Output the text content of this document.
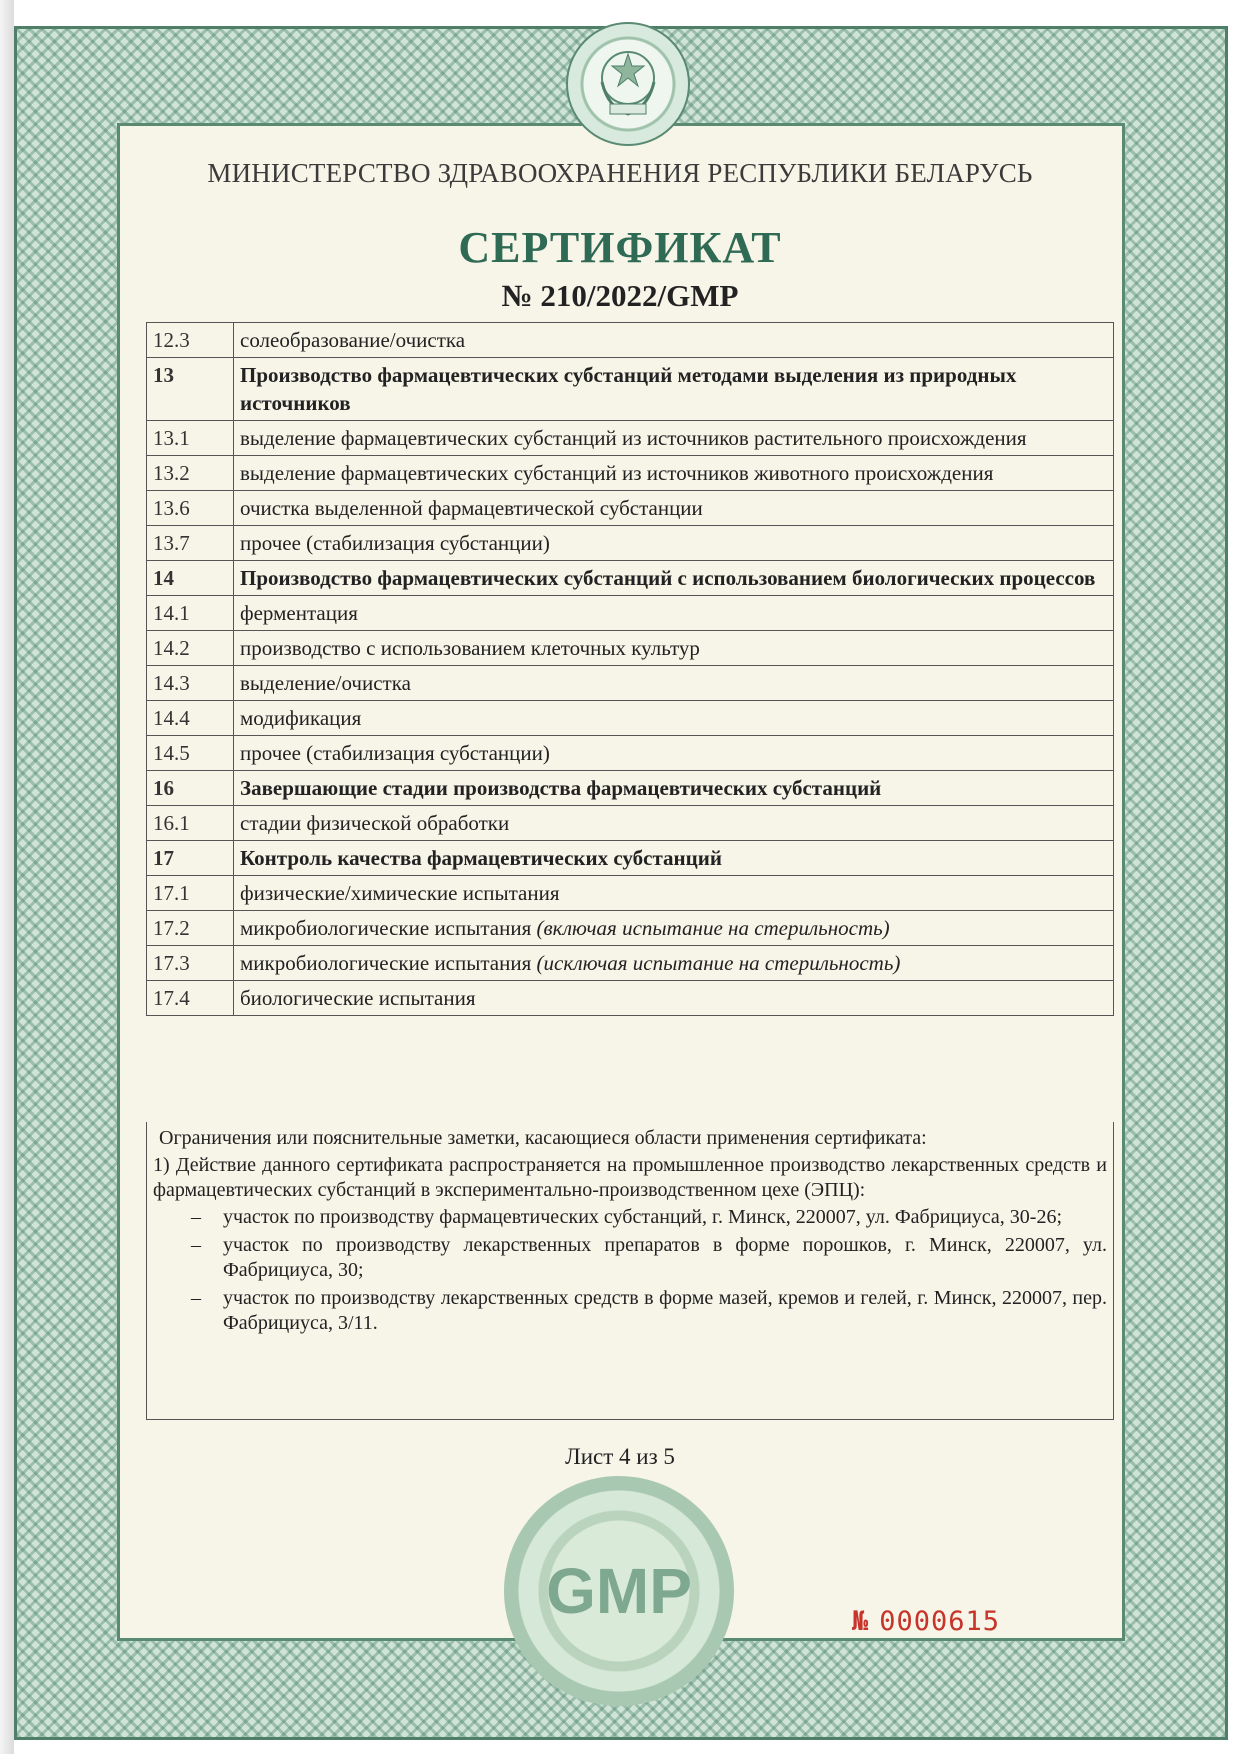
МИНИСТЕРСТВО ЗДРАВООХРАНЕНИЯ РЕСПУБЛИКИ БЕЛАРУСЬ
СЕРТИФИКАТ
№ 210/2022/GMP
12.3	солеобразование/очистка
13	Производство фармацевтических субстанций методами выделения из природных источников
13.1	выделение фармацевтических субстанций из источников растительного происхождения
13.2	выделение фармацевтических субстанций из источников животного происхождения
13.6	очистка выделенной фармацевтической субстанции
13.7	прочее (стабилизация субстанции)
14	Производство фармацевтических субстанций с использованием биологических процессов
14.1	ферментация
14.2	производство с использованием клеточных культур
14.3	выделение/очистка
14.4	модификация
14.5	прочее (стабилизация субстанции)
16	Завершающие стадии производства фармацевтических субстанций
16.1	стадии физической обработки
17	Контроль качества фармацевтических субстанций
17.1	физические/химические испытания
17.2	микробиологические испытания (включая испытание на стерильность)
17.3	микробиологические испытания (исключая испытание на стерильность)
17.4	биологические испытания
Ограничения или пояснительные заметки, касающиеся области применения сертификата:

1) Действие данного сертификата распространяется на промышленное производство лекарственных средств и фармацевтических субстанций в экспериментально-производственном цехе (ЭПЦ):

– участок по производству фармацевтических субстанций, г. Минск, 220007, ул. Фабрициуса, 30-26;
– участок по производству лекарственных препаратов в форме порошков, г. Минск, 220007, ул. Фабрициуса, 30;
– участок по производству лекарственных средств в форме мазей, кремов и гелей, г. Минск, 220007, пер. Фабрициуса, 3/11.
Лист 4 из 5
GMP	№ 0000615
